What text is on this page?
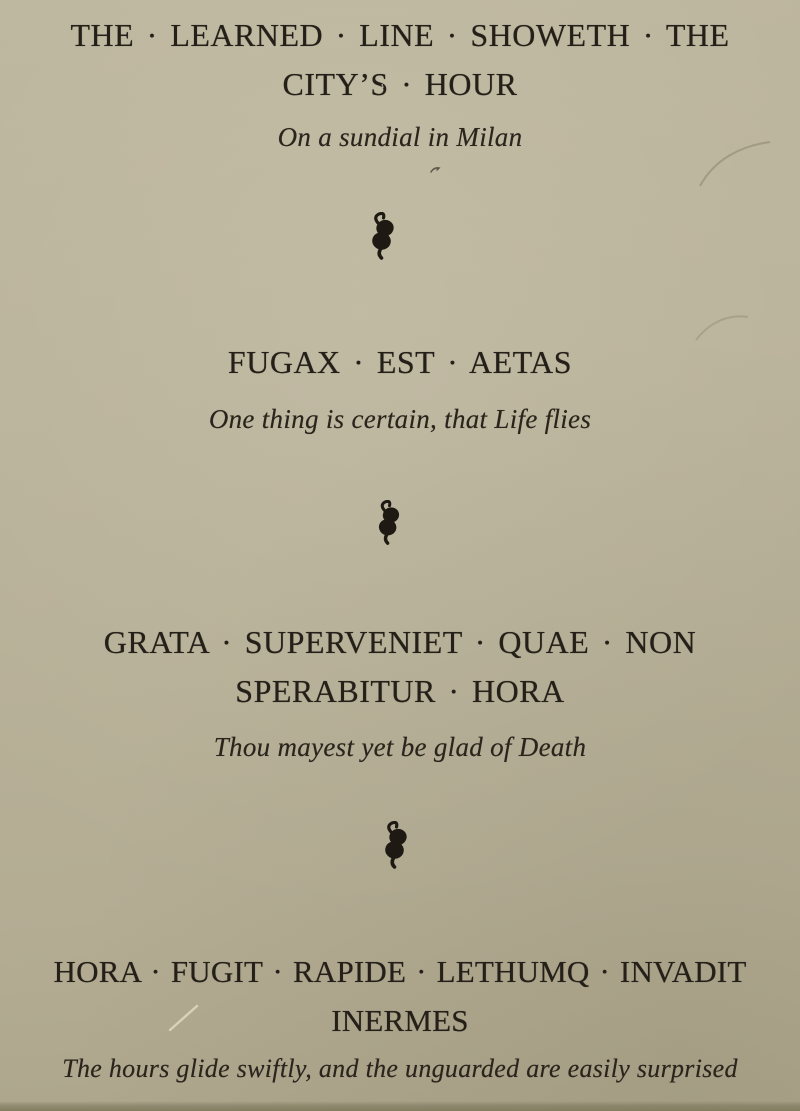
THE · LEARNED · LINE · SHOWETH · THE
CITY’S · HOUR
On a sundial in Milan
FUGAX · EST · AETAS
One thing is certain, that Life flies
GRATA · SUPERVENIET · QUAE · NON
SPERABITUR · HORA
Thou mayest yet be glad of Death
HORA · FUGIT · RAPIDE · LETHUMQ · INVADIT
INERMES
The hours glide swiftly, and the unguarded are easily surprised
